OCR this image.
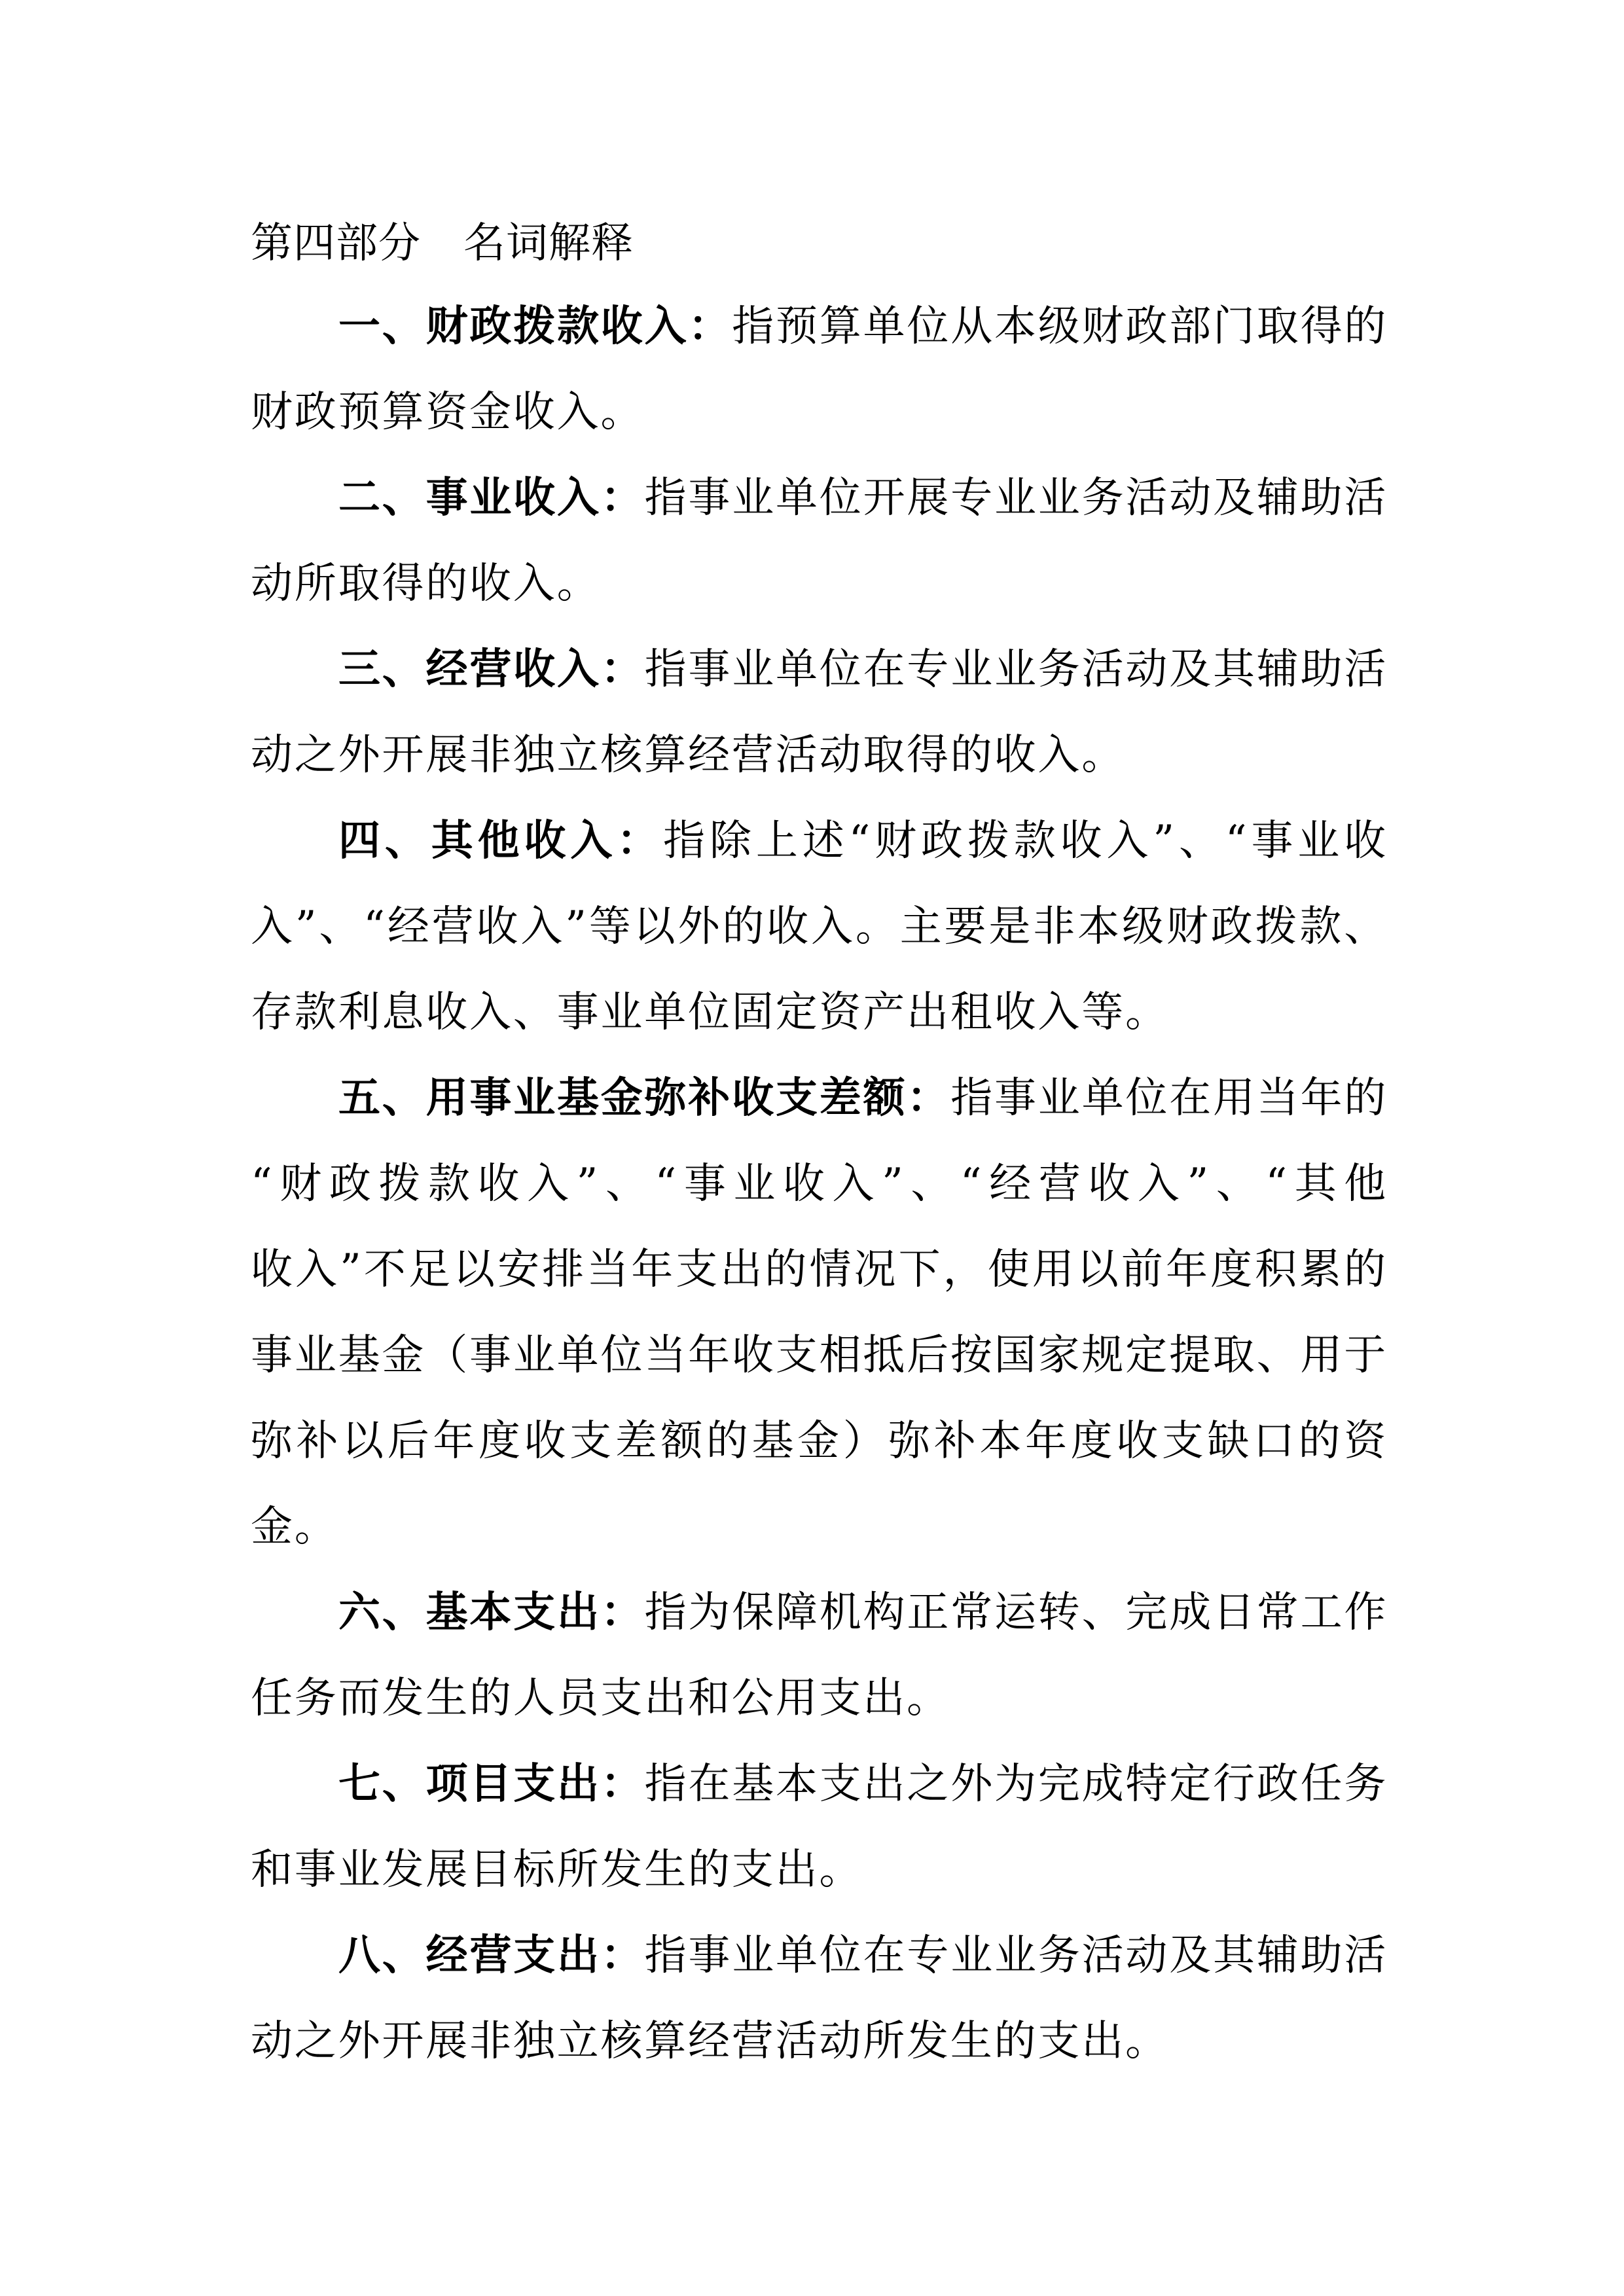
第四部分　名词解释
一、财政拨款收入：指预算单位从本级财政部门取得的
财政预算资金收入。
二、事业收入：指事业单位开展专业业务活动及辅助活
动所取得的收入。
三、经营收入：指事业单位在专业业务活动及其辅助活
动之外开展非独立核算经营活动取得的收入。
四、其他收入：指除上述“财政拨款收入”、“事业收
入”、“经营收入”等以外的收入。主要是非本级财政拨款、
存款利息收入、事业单位固定资产出租收入等。
五、用事业基金弥补收支差额：指事业单位在用当年的
“财政拨款收入”、“事业收入”、“经营收入”、“其他
收入”不足以安排当年支出的情况下，使用以前年度积累的
事业基金（事业单位当年收支相抵后按国家规定提取、用于
弥补以后年度收支差额的基金）弥补本年度收支缺口的资
金。
六、基本支出：指为保障机构正常运转、完成日常工作
任务而发生的人员支出和公用支出。
七、项目支出：指在基本支出之外为完成特定行政任务
和事业发展目标所发生的支出。
八、经营支出：指事业单位在专业业务活动及其辅助活
动之外开展非独立核算经营活动所发生的支出。
